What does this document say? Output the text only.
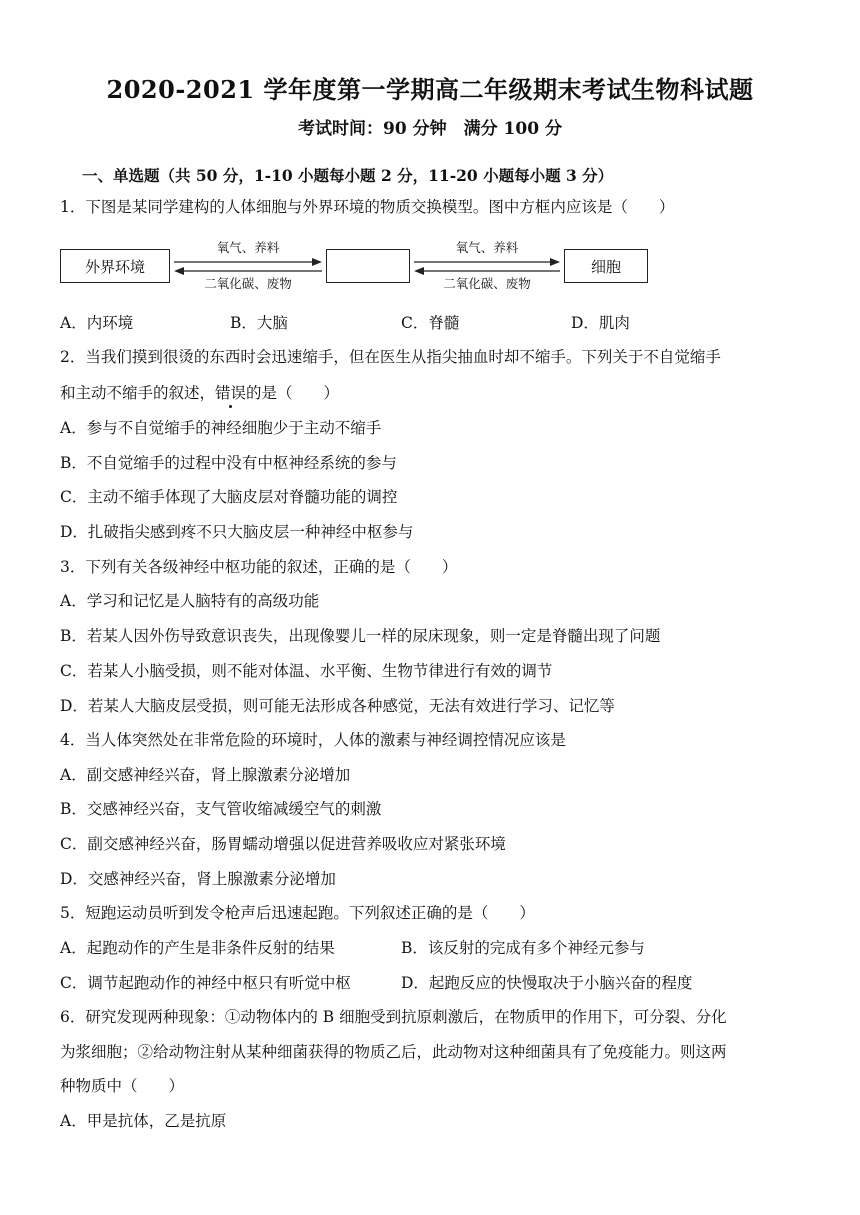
2020-2021 学年度第一学期高二年级期末考试生物科试题
考试时间：90 分钟　满分 100 分
一、单选题（共 50 分，1-10 小题每小题 2 分，11-20 小题每小题 3 分）
1．下图是某同学建构的人体细胞与外界环境的物质交换模型。图中方框内应该是（　　）
外界环境	细胞
氧气、养料
二氧化碳、废物
氧气、养料
二氧化碳、废物
A．内环境	B．大脑	C．脊髓	D．肌肉
2．当我们摸到很烫的东西时会迅速缩手，但在医生从指尖抽血时却不缩手。下列关于不自觉缩手
和主动不缩手的叙述，错误的是（　　）
A．参与不自觉缩手的神经细胞少于主动不缩手
B．不自觉缩手的过程中没有中枢神经系统的参与
C．主动不缩手体现了大脑皮层对脊髓功能的调控
D．扎破指尖感到疼不只大脑皮层一种神经中枢参与
3．下列有关各级神经中枢功能的叙述，正确的是（　　）
A．学习和记忆是人脑特有的高级功能
B．若某人因外伤导致意识丧失，出现像婴儿一样的尿床现象，则一定是脊髓出现了问题
C．若某人小脑受损，则不能对体温、水平衡、生物节律进行有效的调节
D．若某人大脑皮层受损，则可能无法形成各种感觉，无法有效进行学习、记忆等
4．当人体突然处在非常危险的环境时，人体的激素与神经调控情况应该是
A．副交感神经兴奋，肾上腺激素分泌增加
B．交感神经兴奋，支气管收缩减缓空气的刺激
C．副交感神经兴奋，肠胃蠕动增强以促进营养吸收应对紧张环境
D．交感神经兴奋，肾上腺激素分泌增加
5．短跑运动员听到发令枪声后迅速起跑。下列叙述正确的是（　　）
A．起跑动作的产生是非条件反射的结果	B．该反射的完成有多个神经元参与
C．调节起跑动作的神经中枢只有听觉中枢	D．起跑反应的快慢取决于小脑兴奋的程度
6．研究发现两种现象：①动物体内的 B 细胞受到抗原刺激后，在物质甲的作用下，可分裂、分化
为浆细胞；②给动物注射从某种细菌获得的物质乙后，此动物对这种细菌具有了免疫能力。则这两
种物质中（　　）
A．甲是抗体，乙是抗原
